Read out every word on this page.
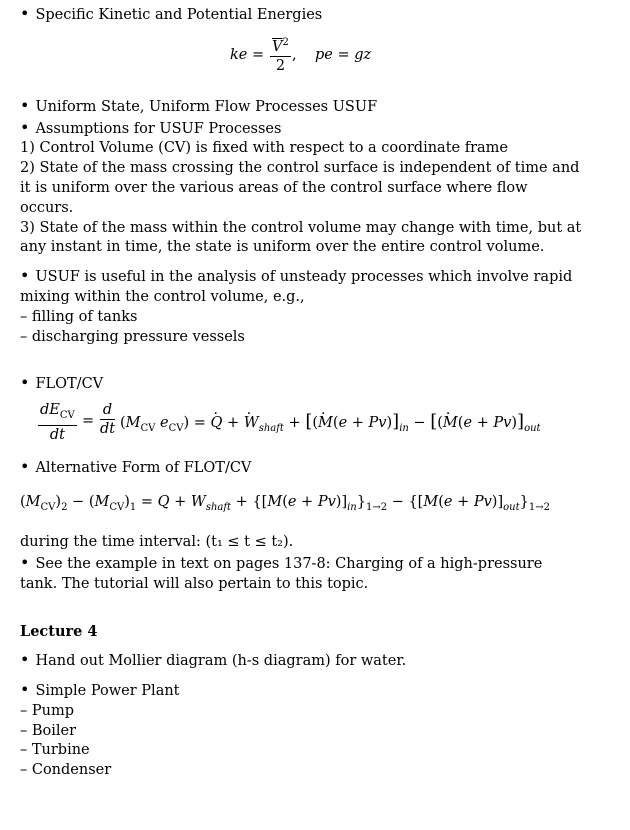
• Specific Kinetic and Potential Energies

ke = $\frac{\overline{V}^2}{2}$ , pe = gz

• Uniform State, Uniform Flow Processes USUF

• Assumptions for USUF Processes

1) Control Volume (CV) is fixed with respect to a coordinate frame

2) State of the mass crossing the control surface is independent of time and it is uniform over the various areas of the control surface where flow occurs.

3) State of the mass within the control volume may change with time, but at any instant in time, the state is uniform over the entire control volume.

• USUF is useful in the analysis of unsteady processes which involve rapid mixing within the control volume, e.g.,

– filling of tanks

– discharging pressure vessels

• FLOT/CV

$dE_{CV}$
dt
= $\frac{d}{dt} (M_{CV}$ $e_{CV}$) = · Q + · $W_{shaft}$ + [(· $M(e + Pv)]_{in}$ − [(· $M(e + Pv)]_{out}$

• Alternative Form of FLOT/CV

$(M_{CV})_2 - (M_{CV})_1 = Q + W_{shaft} + \{[M(e + Pv)]_{in}\}_{1\to 2} - \{[M(e + Pv)]_{out}\}_{1\to 2}$

during the time interval: (t₁ ≤ t ≤ t₂).

• See the example in text on pages 137-8: Charging of a high-pressure tank. The tutorial will also pertain to this topic.

Lecture 4

• Hand out Mollier diagram (h-s diagram) for water.

• Simple Power Plant

– Pump

– Boiler

– Turbine

– Condenser
